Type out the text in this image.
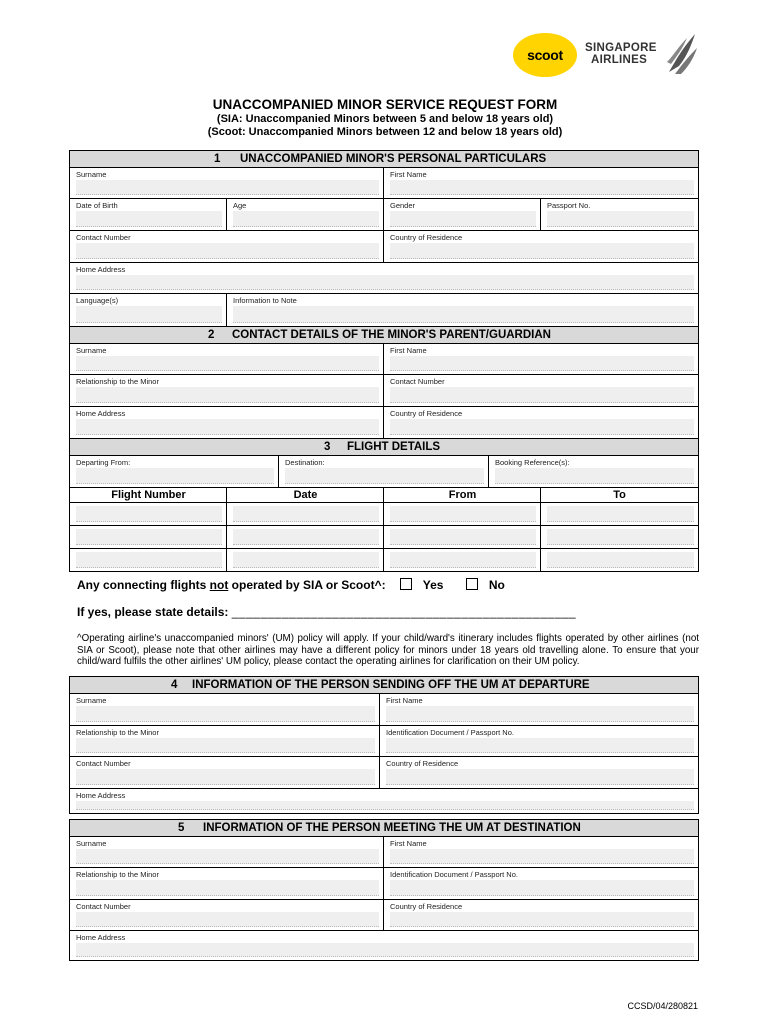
scoot SINGAPORE
AIRLINES
UNACCOMPANIED MINOR SERVICE REQUEST FORM
(SIA: Unaccompanied Minors between 5 and below 18 years old)
(Scoot: Unaccompanied Minors between 12 and below 18 years old)
1 UNACCOMPANIED MINOR'S PERSONAL PARTICULARS
Surname	First Name
Date of Birth	Age	Gender	Passport No.
Contact Number	Country of Residence
Home Address
Language(s)	Information to Note
2 CONTACT DETAILS OF THE MINOR'S PARENT/GUARDIAN
Surname	First Name
Relationship to the Minor	Contact Number
Home Address	Country of Residence
3 FLIGHT DETAILS
Departing From:	Destination:	Booking Reference(s):
Flight Number	Date	From	To
Any connecting flights not operated by SIA or Scoot^:	Yes	No
If yes, please state details: ________________________________________________
^Operating airline's unaccompanied minors' (UM) policy will apply. If your child/ward's itinerary includes flights operated by other airlines (not SIA or Scoot), please note that other airlines may have a different policy for minors under 18 years old travelling alone. To ensure that your child/ward fulfils the other airlines' UM policy, please contact the operating airlines for clarification on their UM policy.
4 INFORMATION OF THE PERSON SENDING OFF THE UM AT DEPARTURE
Surname	First Name
Relationship to the Minor	Identification Document / Passport No.
Contact Number	Country of Residence
Home Address
5 INFORMATION OF THE PERSON MEETING THE UM AT DESTINATION
Surname	First Name
Relationship to the Minor	Identification Document / Passport No.
Contact Number	Country of Residence
Home Address
CCSD/04/280821
